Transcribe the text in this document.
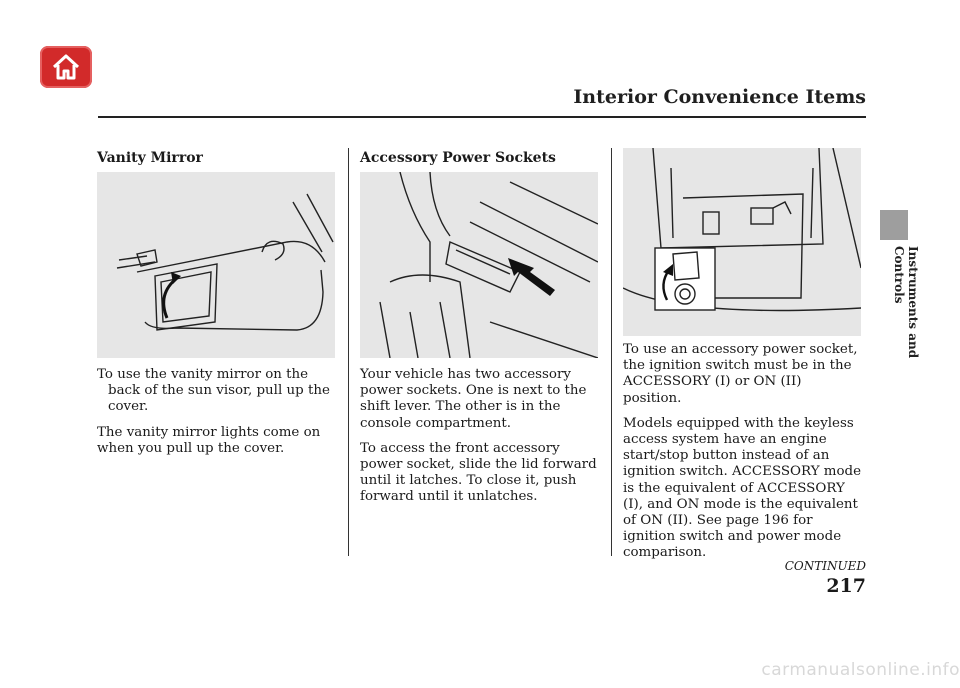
Interior Convenience Items
Instruments and Controls
Vanity Mirror

To use the vanity mirror on the back of the sun visor, pull up the cover.

The vanity mirror lights come on when you pull up the cover.

Accessory Power Sockets

Your vehicle has two accessory power sockets. One is next to the shift lever. The other is in the console compartment.

To access the front accessory power socket, slide the lid forward until it latches. To close it, push forward until it unlatches.

To use an accessory power socket, the ignition switch must be in the ACCESSORY (I) or ON (II) position.

Models equipped with the keyless access system have an engine start/stop button instead of an ignition switch. ACCESSORY mode is the equivalent of ACCESSORY (I), and ON mode is the equivalent of ON (II). See page 196 for ignition switch and power mode comparison.

CONTINUED
217
carmanualsonline.info
